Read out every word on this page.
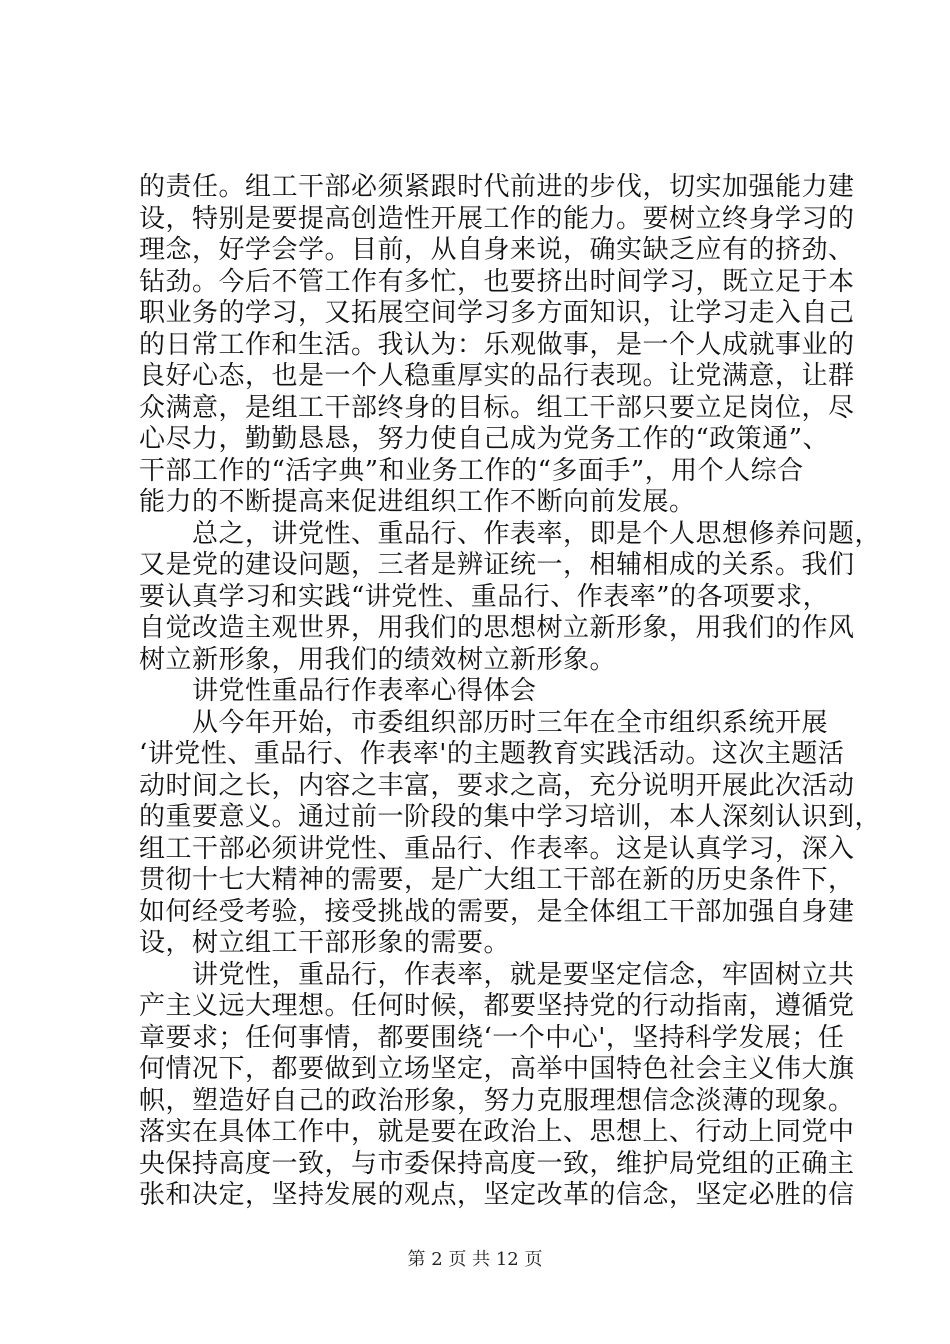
的责任。组工干部必须紧跟时代前进的步伐，切实加强能力建
设，特别是要提高创造性开展工作的能力。要树立终身学习的
理念，好学会学。目前，从自身来说，确实缺乏应有的挤劲、
钻劲。今后不管工作有多忙，也要挤出时间学习，既立足于本
职业务的学习，又拓展空间学习多方面知识，让学习走入自己
的日常工作和生活。我认为：乐观做事，是一个人成就事业的
良好心态，也是一个人稳重厚实的品行表现。让党满意，让群
众满意，是组工干部终身的目标。组工干部只要立足岗位，尽
心尽力，勤勤恳恳，努力使自己成为党务工作的“政策通”、
干部工作的“活字典”和业务工作的“多面手”，用个人综合
能力的不断提高来促进组织工作不断向前发展。
　　总之，讲党性、重品行、作表率，即是个人思想修养问题，
又是党的建设问题，三者是辨证统一，相辅相成的关系。我们
要认真学习和实践“讲党性、重品行、作表率”的各项要求，
自觉改造主观世界，用我们的思想树立新形象，用我们的作风
树立新形象，用我们的绩效树立新形象。
　　讲党性重品行作表率心得体会
　　从今年开始，市委组织部历时三年在全市组织系统开展
‘讲党性、重品行、作表率'的主题教育实践活动。这次主题活
动时间之长，内容之丰富，要求之高，充分说明开展此次活动
的重要意义。通过前一阶段的集中学习培训，本人深刻认识到，
组工干部必须讲党性、重品行、作表率。这是认真学习，深入
贯彻十七大精神的需要，是广大组工干部在新的历史条件下，
如何经受考验，接受挑战的需要，是全体组工干部加强自身建
设，树立组工干部形象的需要。
　　讲党性，重品行，作表率，就是要坚定信念，牢固树立共
产主义远大理想。任何时候，都要坚持党的行动指南，遵循党
章要求；任何事情，都要围绕‘一个中心'，坚持科学发展；任
何情况下，都要做到立场坚定，高举中国特色社会主义伟大旗
帜，塑造好自己的政治形象，努力克服理想信念淡薄的现象。
落实在具体工作中，就是要在政治上、思想上、行动上同党中
央保持高度一致，与市委保持高度一致，维护局党组的正确主
张和决定，坚持发展的观点，坚定改革的信念，坚定必胜的信
第 2 页 共 12 页
